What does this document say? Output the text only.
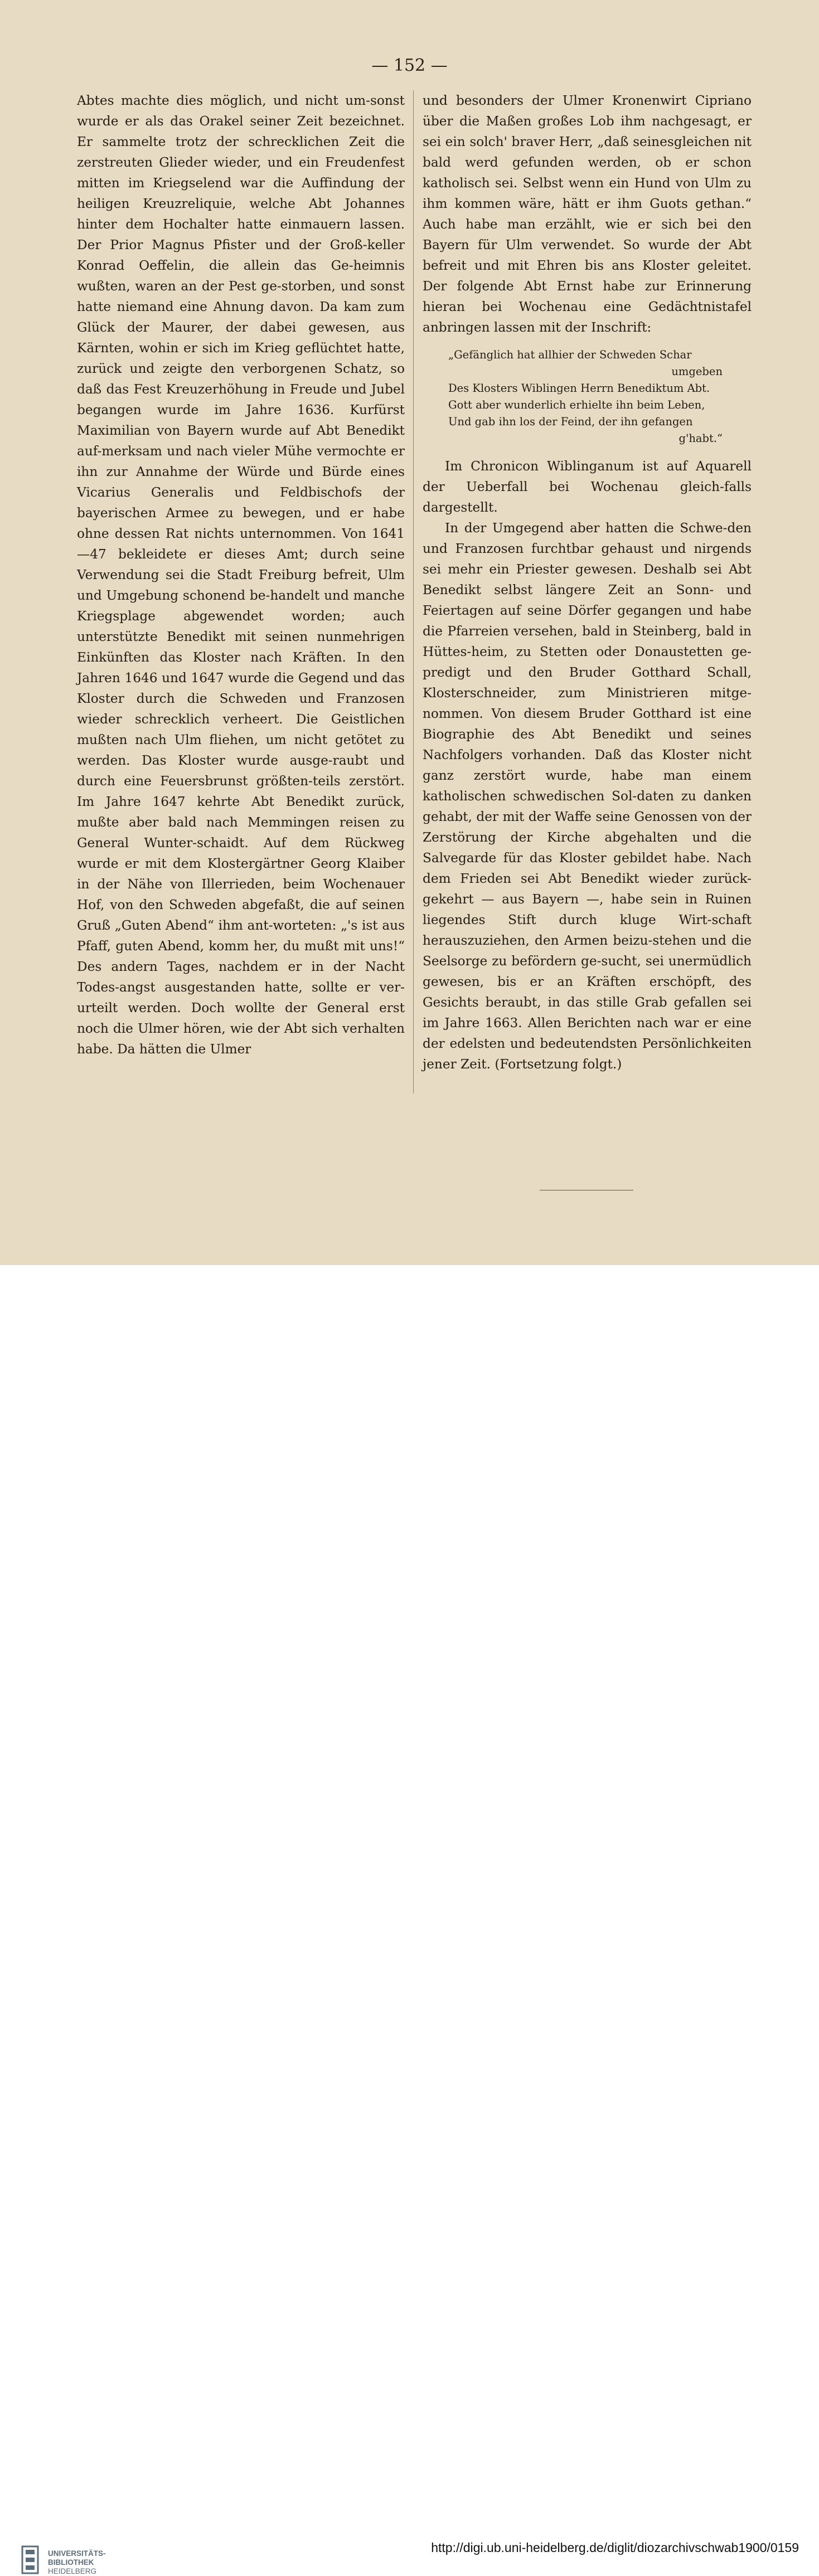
— 152 —

Abtes machte dies möglich, und nicht um-sonst wurde er als das Orakel seiner Zeit bezeichnet. Er sammelte trotz der schrecklichen Zeit die zerstreuten Glieder wieder, und ein Freudenfest mitten im Kriegselend war die Auffindung der heiligen Kreuzreliquie, welche Abt Johannes hinter dem Hochalter hatte einmauern lassen. Der Prior Magnus Pfister und der Groß-keller Konrad Oeffelin, die allein das Ge-heimnis wußten, waren an der Pest ge-storben, und sonst hatte niemand eine Ahnung davon. Da kam zum Glück der Maurer, der dabei gewesen, aus Kärnten, wohin er sich im Krieg geflüchtet hatte, zurück und zeigte den verborgenen Schatz, so daß das Fest Kreuzerhöhung in Freude und Jubel begangen wurde im Jahre 1636. Kurfürst Maximilian von Bayern wurde auf Abt Benedikt auf-merksam und nach vieler Mühe vermochte er ihn zur Annahme der Würde und Bürde eines Vicarius Generalis und Feldbischofs der bayerischen Armee zu bewegen, und er habe ohne dessen Rat nichts unternommen. Von 1641—47 bekleidete er dieses Amt; durch seine Verwendung sei die Stadt Freiburg befreit, Ulm und Umgebung schonend be-handelt und manche Kriegsplage abgewendet worden; auch unterstützte Benedikt mit seinen nunmehrigen Einkünften das Kloster nach Kräften. In den Jahren 1646 und 1647 wurde die Gegend und das Kloster durch die Schweden und Franzosen wieder schrecklich verheert. Die Geistlichen mußten nach Ulm fliehen, um nicht getötet zu werden. Das Kloster wurde ausge-raubt und durch eine Feuersbrunst größten-teils zerstört. Im Jahre 1647 kehrte Abt Benedikt zurück, mußte aber bald nach Memmingen reisen zu General Wunter-schaidt. Auf dem Rückweg wurde er mit dem Klostergärtner Georg Klaiber in der Nähe von Illerrieden, beim Wochenauer Hof, von den Schweden abgefaßt, die auf seinen Gruß „Guten Abend“ ihm ant-worteten: „'s ist aus Pfaff, guten Abend, komm her, du mußt mit uns!“ Des andern Tages, nachdem er in der Nacht Todes-angst ausgestanden hatte, sollte er ver-urteilt werden. Doch wollte der General erst noch die Ulmer hören, wie der Abt sich verhalten habe. Da hätten die Ulmer

und besonders der Ulmer Kronenwirt Cipriano über die Maßen großes Lob ihm nachgesagt, er sei ein solch' braver Herr, „daß seinesgleichen nit bald werd gefunden werden, ob er schon katholisch sei. Selbst wenn ein Hund von Ulm zu ihm kommen wäre, hätt er ihm Guots gethan.“ Auch habe man erzählt, wie er sich bei den Bayern für Ulm verwendet. So wurde der Abt befreit und mit Ehren bis ans Kloster geleitet. Der folgende Abt Ernst habe zur Erinnerung hieran bei Wochenau eine Gedächtnistafel anbringen lassen mit der Inschrift:

„Gefänglich hat allhier der Schweden Schar
umgeben
Des Klosters Wiblingen Herrn Benediktum Abt.
Gott aber wunderlich erhielte ihn beim Leben,
Und gab ihn los der Feind, der ihn gefangen
g'habt.“

Im Chronicon Wiblinganum ist auf Aquarell der Ueberfall bei Wochenau gleich-falls dargestellt.

In der Umgegend aber hatten die Schwe-den und Franzosen furchtbar gehaust und nirgends sei mehr ein Priester gewesen. Deshalb sei Abt Benedikt selbst längere Zeit an Sonn- und Feiertagen auf seine Dörfer gegangen und habe die Pfarreien versehen, bald in Steinberg, bald in Hüttes-heim, zu Stetten oder Donaustetten ge-predigt und den Bruder Gotthard Schall, Klosterschneider, zum Ministrieren mitge-nommen. Von diesem Bruder Gotthard ist eine Biographie des Abt Benedikt und seines Nachfolgers vorhanden. Daß das Kloster nicht ganz zerstört wurde, habe man einem katholischen schwedischen Sol-daten zu danken gehabt, der mit der Waffe seine Genossen von der Zerstörung der Kirche abgehalten und die Salvegarde für das Kloster gebildet habe. Nach dem Frieden sei Abt Benedikt wieder zurück-gekehrt — aus Bayern —, habe sein in Ruinen liegendes Stift durch kluge Wirt-schaft herauszuziehen, den Armen beizu-stehen und die Seelsorge zu befördern ge-sucht, sei unermüdlich gewesen, bis er an Kräften erschöpft, des Gesichts beraubt, in das stille Grab gefallen sei im Jahre 1663. Allen Berichten nach war er eine der edelsten und bedeutendsten Persönlichkeiten jener Zeit. (Fortsetzung folgt.)

UNIVERSITÄTS-
BIBLIOTHEK
HEIDELBERG
http://digi.ub.uni-heidelberg.de/diglit/diozarchivschwab1900/0159
